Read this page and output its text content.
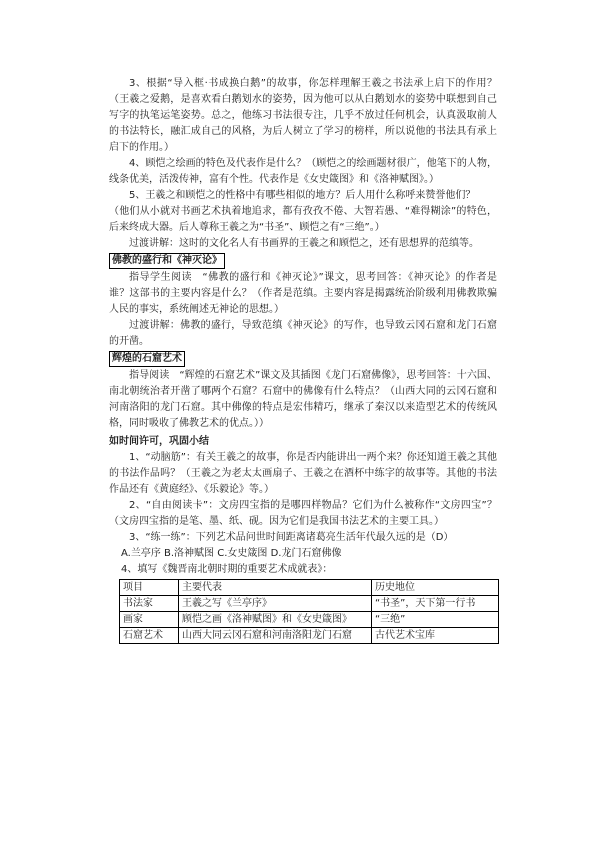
3、根据“导入框·书成换白鹅”的故事，你怎样理解王羲之书法承上启下的作用？（王羲之爱鹅，是喜欢看白鹅划水的姿势，因为他可以从白鹅划水的姿势中联想到自己写字的执笔运笔姿势。总之，他练习书法很专注，几乎不放过任何机会，认真汲取前人的书法特长，融汇成自己的风格，为后人树立了学习的榜样，所以说他的书法具有承上启下的作用。）

4、顾恺之绘画的特色及代表作是什么？（顾恺之的绘画题材很广，他笔下的人物，线条优美，活泼传神，富有个性。代表作是《女史箴图》和《洛神赋图》。）

5、王羲之和顾恺之的性格中有哪些相似的地方？后人用什么称呼来赞誉他们？

（他们从小就对书画艺术执着地追求，都有孜孜不倦、大智若愚、“难得糊涂”的特色，后来终成大器。后人尊称王羲之为“书圣”、顾恺之有“三绝”。）

过渡讲解：这时的文化名人有书画界的王羲之和顾恺之，还有思想界的范缜等。

佛教的盛行和《神灭论》

指导学生阅读　“佛教的盛行和《神灭论》”课文，思考回答：《神灭论》的作者是谁？这部书的主要内容是什么？（作者是范缜。主要内容是揭露统治阶级利用佛教欺骗人民的事实，系统阐述无神论的思想。）

过渡讲解：佛教的盛行，导致范缜《神灭论》的写作，也导致云冈石窟和龙门石窟的开凿。

辉煌的石窟艺术

指导阅读　“辉煌的石窟艺术”课文及其插图《龙门石窟佛像》，思考回答：十六国、南北朝统治者开凿了哪两个石窟？石窟中的佛像有什么特点？（山西大同的云冈石窟和河南洛阳的龙门石窟。其中佛像的特点是宏伟精巧，继承了秦汉以来造型艺术的传统风格，同时吸收了佛教艺术的优点。））

如时间许可，巩固小结

1、“动脑筋”：有关王羲之的故事，你是否内能讲出一两个来？你还知道王羲之其他的书法作品吗？（王羲之为老太太画扇子、王羲之在酒杯中练字的故事等。其他的书法作品还有《黄庭经》、《乐毅论》等。）

2、“自由阅读卡”：文房四宝指的是哪四样物品？它们为什么被称作“文房四宝”？（文房四宝指的是笔、墨、纸、砚。因为它们是我国书法艺术的主要工具。）

3、“练一练”：下列艺术品问世时间距离诸葛亮生活年代最久远的是（D）

A.兰亭序 B.洛神赋图 C.女史箴图 D.龙门石窟佛像

4、填写《魏晋南北朝时期的重要艺术成就表》：

项目	主要代表	历史地位
书法家	王羲之写《兰亭序》	“书圣”，天下第一行书
画家	顾恺之画《洛神赋图》和《女史箴图》	“三绝”
石窟艺术	山西大同云冈石窟和河南洛阳龙门石窟	古代艺术宝库
